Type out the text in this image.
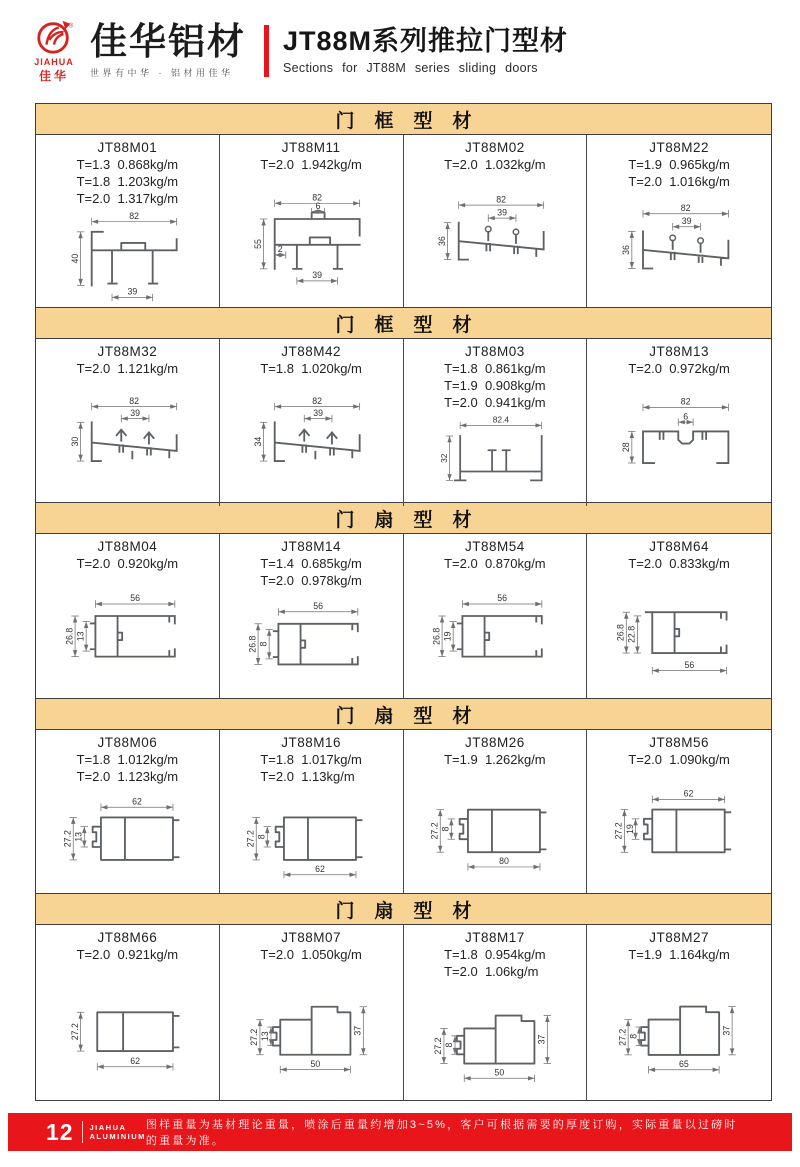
®
JIAHUA
佳华
佳华铝材
世界有中华 · 铝材用佳华
JT88M系列推拉门型材
Sections for JT88M series sliding doors
门框型材
JT88M01
T=1.3  0.868kg/m
T=1.8  1.203kg/m
T=2.0  1.317kg/m
82
40
39
JT88M11
T=2.0  1.942kg/m
82
6
55
2
39
JT88M02
T=2.0  1.032kg/m
82
39
36
JT88M22
T=1.9  0.965kg/m
T=2.0  1.016kg/m
82
39
36
门框型材
JT88M32
T=2.0  1.121kg/m
82
39
30
JT88M42
T=1.8  1.020kg/m
82
39
34
JT88M03
T=1.8  0.861kg/m
T=1.9  0.908kg/m
T=2.0  0.941kg/m
82.4
32
JT88M13
T=2.0  0.972kg/m
82
6
28
门扇型材
JT88M04
T=2.0  0.920kg/m
56
26.8 13
JT88M14
T=1.4  0.685kg/m
T=2.0  0.978kg/m
56
26.8 8
JT88M54
T=2.0  0.870kg/m
56
26.8 19
JT88M64
T=2.0  0.833kg/m
26.8 22.8
56
门扇型材
JT88M06
T=1.8  1.012kg/m
T=2.0  1.123kg/m
62
27.2 13
JT88M16
T=1.8  1.017kg/m
T=2.0  1.13kg/m
27.2 8
62
JT88M26
T=1.9  1.262kg/m
27.2 8
80
JT88M56
T=2.0  1.090kg/m
62
27.2 19
门扇型材
JT88M66
T=2.0  0.921kg/m
27.2
62
JT88M07
T=2.0  1.050kg/m
27.2 13
37
50
JT88M17
T=1.8  0.954kg/m
T=2.0  1.06kg/m
27.2 8
37
50
JT88M27
T=1.9  1.164kg/m
27.2 8
37
65
12 JIAHUA
ALUMINIUM
图样重量为基材理论重量，喷涂后重量约增加3~5%，客户可根据需要的厚度订购，实际重量以过磅时的重量为准。
